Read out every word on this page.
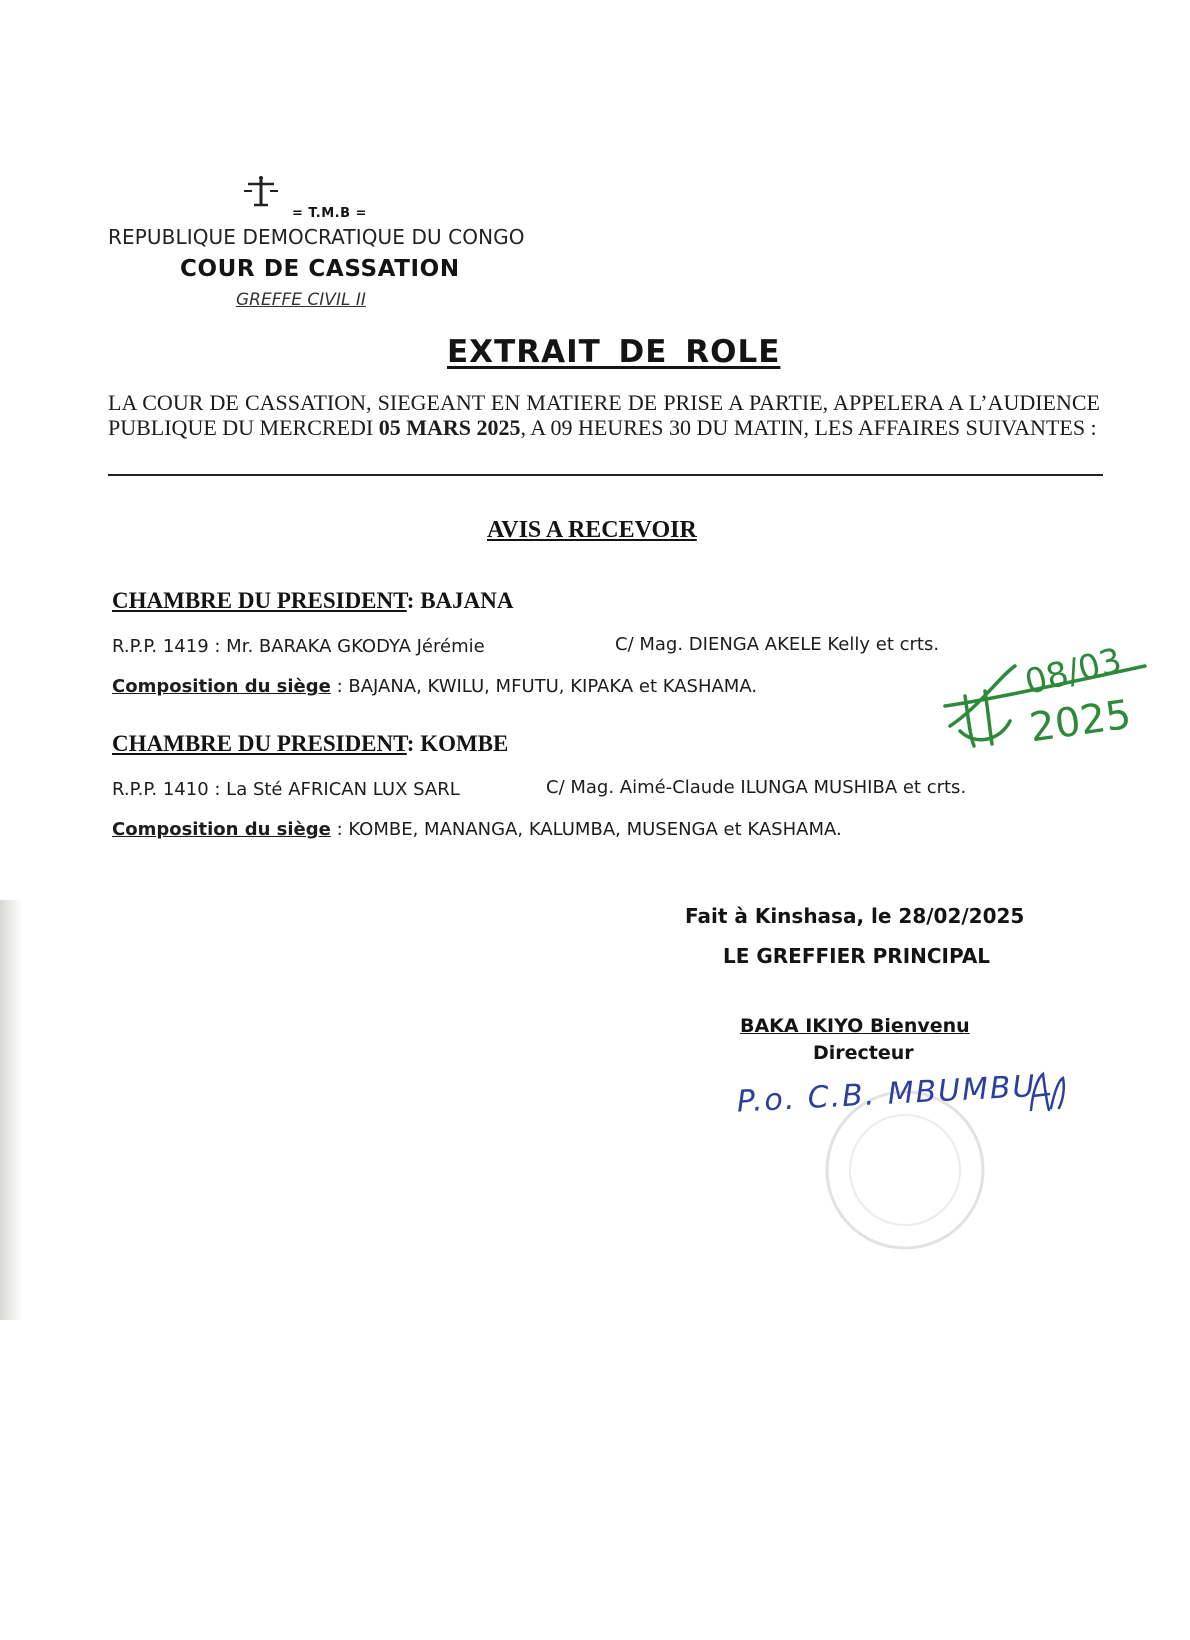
= T.M.B =
REPUBLIQUE DEMOCRATIQUE DU CONGO
COUR DE CASSATION
GREFFE CIVIL II
EXTRAIT DE ROLE
LA COUR DE CASSATION, SIEGEANT EN MATIERE DE PRISE A PARTIE, APPELERA A L’AUDIENCE PUBLIQUE DU MERCREDI 05 MARS 2025, A 09 HEURES 30 DU MATIN, LES AFFAIRES SUIVANTES :
AVIS A RECEVOIR
CHAMBRE DU PRESIDENT: BAJANA
R.P.P. 1419 : Mr. BARAKA GKODYA Jérémie	C/ Mag. DIENGA AKELE Kelly et crts.
Composition du siège : BAJANA, KWILU, MFUTU, KIPAKA et KASHAMA.
CHAMBRE DU PRESIDENT: KOMBE
R.P.P. 1410 : La Sté AFRICAN LUX SARL	C/ Mag. Aimé-Claude ILUNGA MUSHIBA et crts.
Composition du siège : KOMBE, MANANGA, KALUMBA, MUSENGA et KASHAMA.
08/03
2025
Fait à Kinshasa, le 28/02/2025
LE GREFFIER PRINCIPAL
BAKA IKIYO Bienvenu
Directeur
P.o. C.B. MBUMBU
